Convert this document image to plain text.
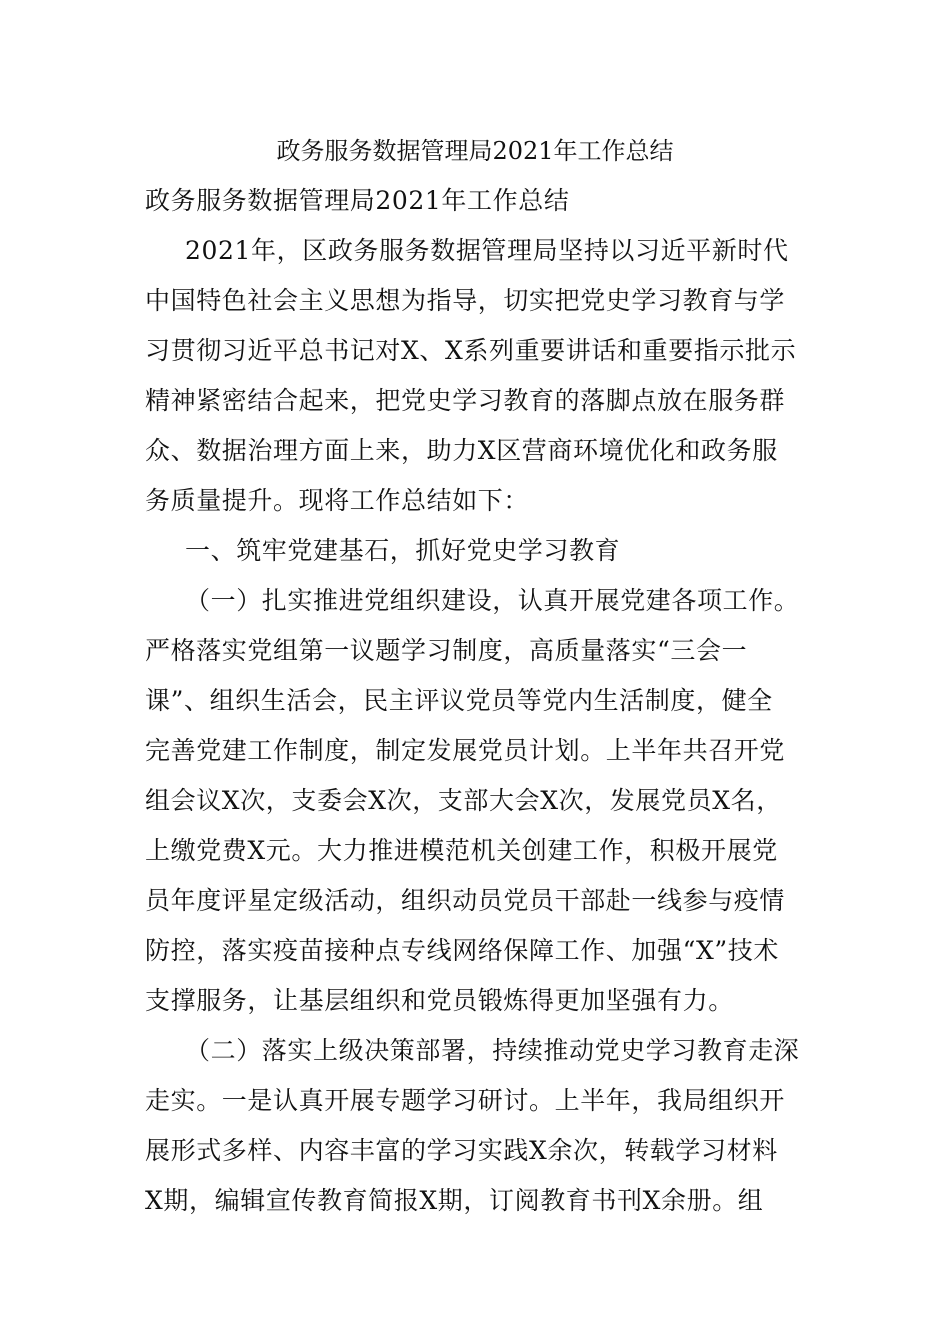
政务服务数据管理局2021年工作总结
政务服务数据管理局2021年工作总结
2021年，区政务服务数据管理局坚持以习近平新时代
中国特色社会主义思想为指导，切实把党史学习教育与学
习贯彻习近平总书记对X、X系列重要讲话和重要指示批示
精神紧密结合起来，把党史学习教育的落脚点放在服务群
众、数据治理方面上来，助力X区营商环境优化和政务服
务质量提升。现将工作总结如下：
一、筑牢党建基石，抓好党史学习教育
（一）扎实推进党组织建设，认真开展党建各项工作。
严格落实党组第一议题学习制度，高质量落实“三会一
课”、组织生活会，民主评议党员等党内生活制度，健全
完善党建工作制度，制定发展党员计划。上半年共召开党
组会议X次，支委会X次，支部大会X次，发展党员X名，
上缴党费X元。大力推进模范机关创建工作，积极开展党
员年度评星定级活动，组织动员党员干部赴一线参与疫情
防控，落实疫苗接种点专线网络保障工作、加强“X”技术
支撑服务，让基层组织和党员锻炼得更加坚强有力。
（二）落实上级决策部署，持续推动党史学习教育走深
走实。一是认真开展专题学习研讨。上半年，我局组织开
展形式多样、内容丰富的学习实践X余次，转载学习材料
X期，编辑宣传教育简报X期，订阅教育书刊X余册。组
